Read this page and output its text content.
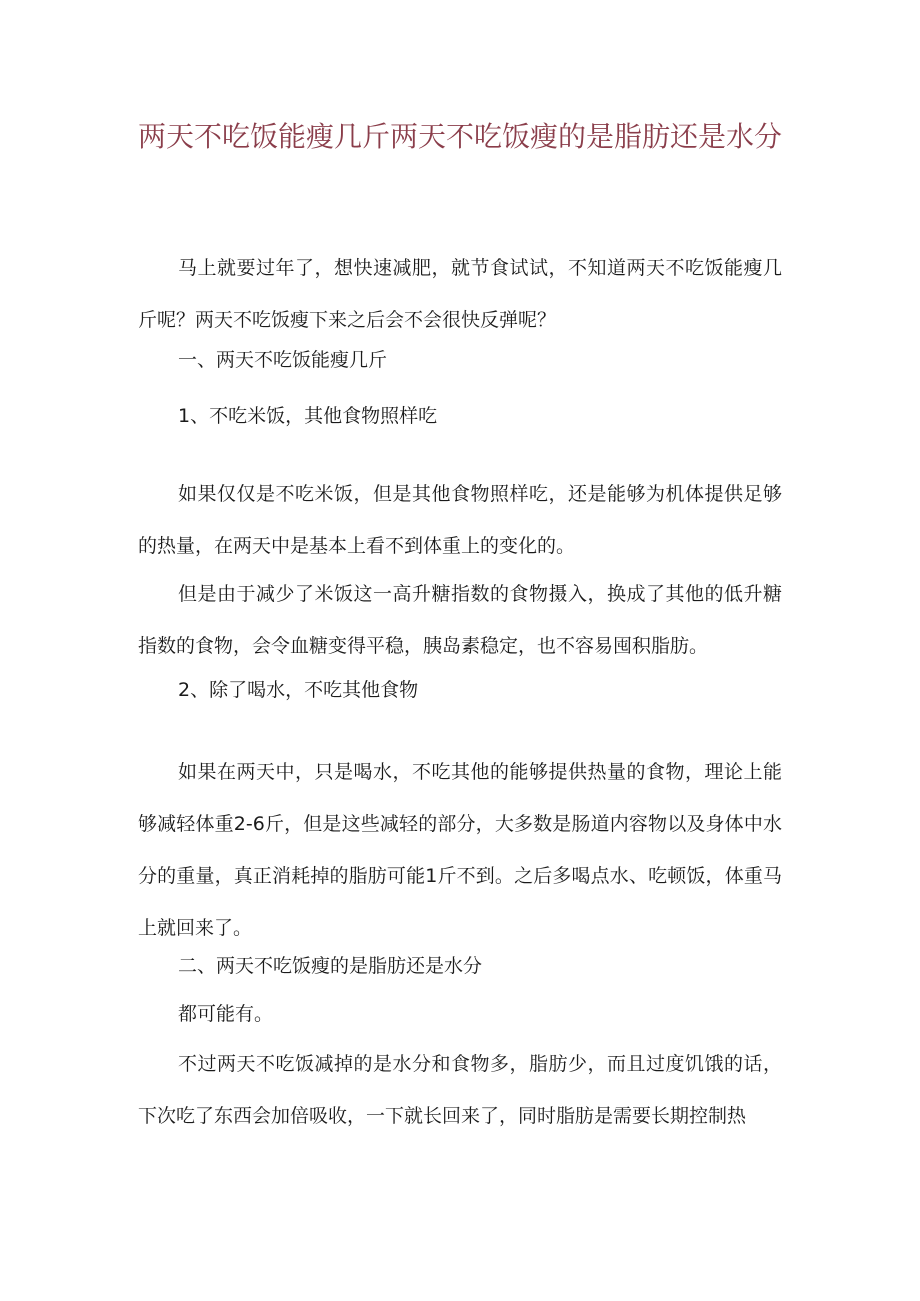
两天不吃饭能瘦几斤两天不吃饭瘦的是脂肪还是水分
马上就要过年了，想快速减肥，就节食试试，不知道两天不吃饭能瘦几斤呢？两天不吃饭瘦下来之后会不会很快反弹呢？
一、两天不吃饭能瘦几斤
1、不吃米饭，其他食物照样吃
如果仅仅是不吃米饭，但是其他食物照样吃，还是能够为机体提供足够的热量，在两天中是基本上看不到体重上的变化的。
但是由于减少了米饭这一高升糖指数的食物摄入，换成了其他的低升糖指数的食物，会令血糖变得平稳，胰岛素稳定，也不容易囤积脂肪。
2、除了喝水，不吃其他食物
如果在两天中，只是喝水，不吃其他的能够提供热量的食物，理论上能够减轻体重2-6斤，但是这些减轻的部分，大多数是肠道内容物以及身体中水分的重量，真正消耗掉的脂肪可能1斤不到。之后多喝点水、吃顿饭，体重马上就回来了。
二、两天不吃饭瘦的是脂肪还是水分
都可能有。
不过两天不吃饭减掉的是水分和食物多，脂肪少，而且过度饥饿的话，下次吃了东西会加倍吸收，一下就长回来了，同时脂肪是需要长期控制热
